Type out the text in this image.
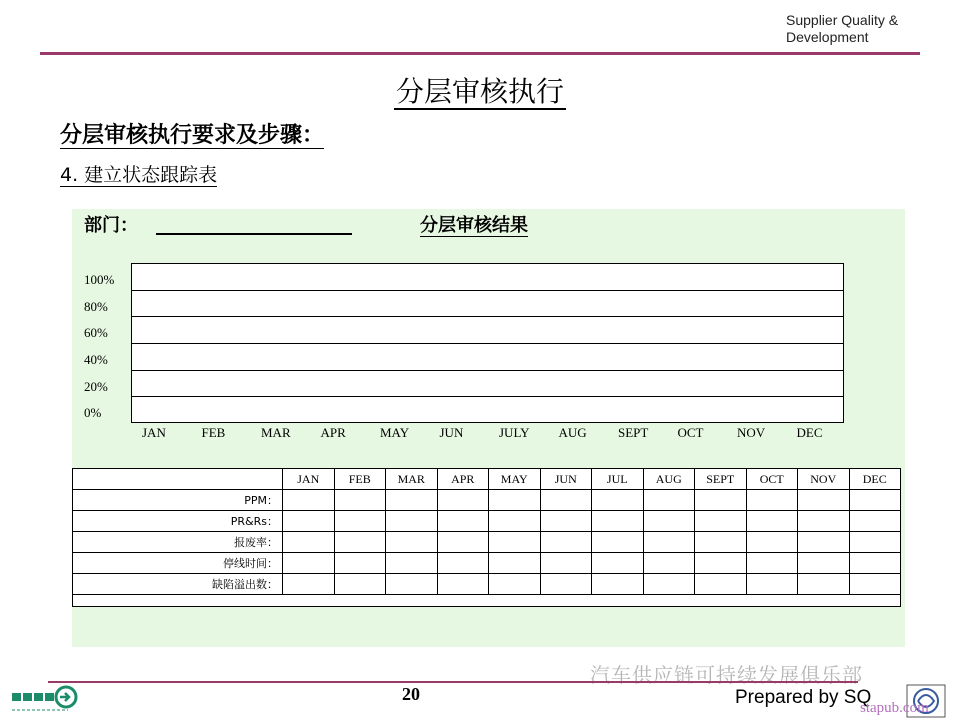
Supplier Quality & Development
分层审核执行
分层审核执行要求及步骤：
4. 建立状态跟踪表
部门：	分层审核结果
100%
80%
60%
40%
20%
0%
JAN	FEB	MAR APR	MAY JUN	JULY AUG SEPT OCT	NOV DEC
	JAN	FEB	MAR	APR	MAY	JUN	JUL	AUG	SEPT	OCT	NOV	DEC
PPM：												
PR&Rs：												
报废率：												
停线时间：												
缺陷溢出数：												

汽车供应链可持续发展俱乐部
20	Prepared by SQ
stapub.com
